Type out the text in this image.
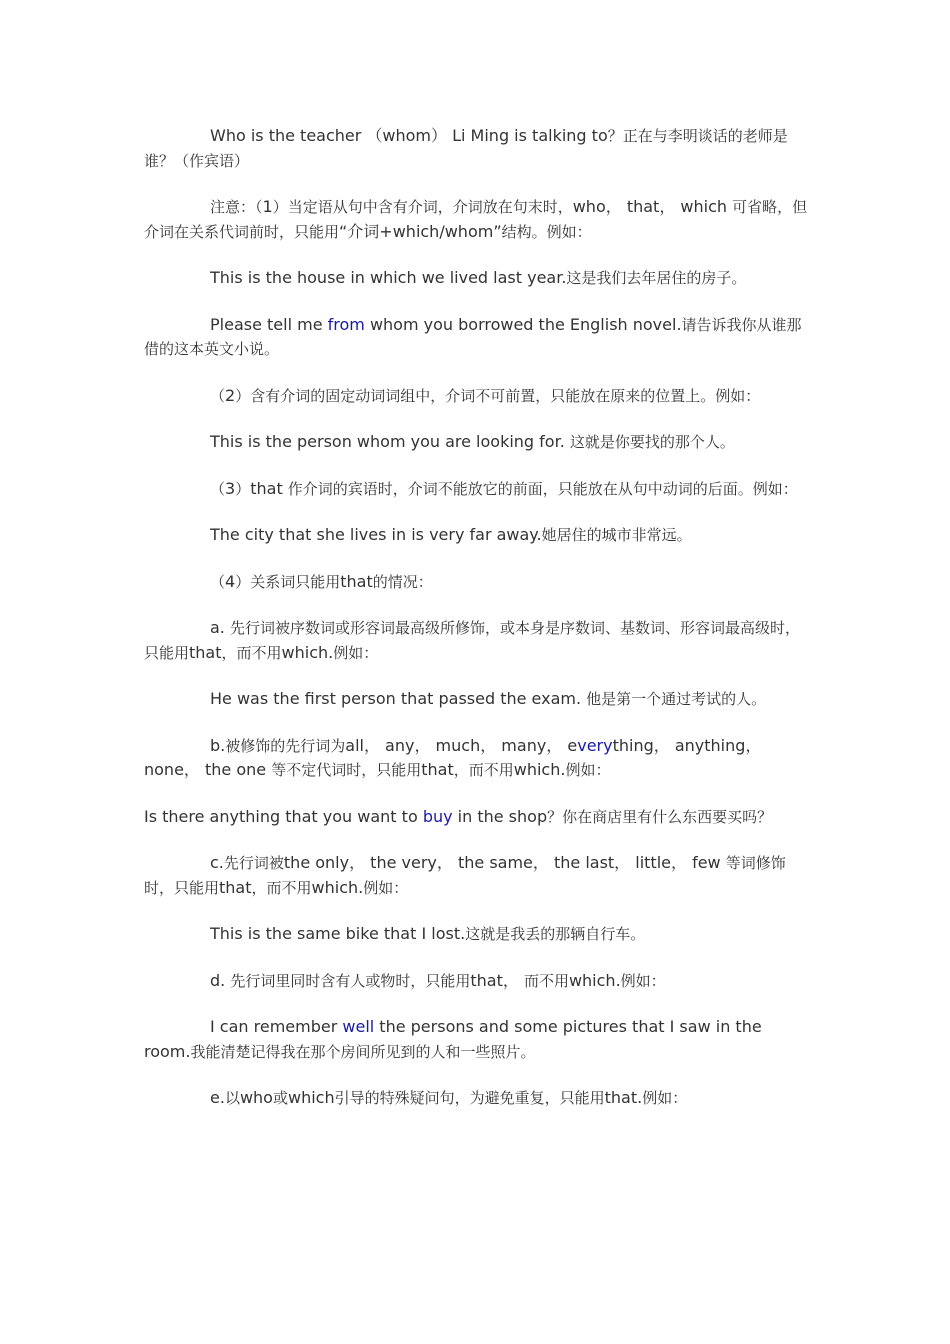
Who is the teacher （whom） Li Ming is talking to？正在与李明谈话的老师是谁？（作宾语）

注意：（1）当定语从句中含有介词，介词放在句末时，who， that， which 可省略，但介词在关系代词前时，只能用“介词+which/whom”结构。例如：

This is the house in which we lived last year.这是我们去年居住的房子。

Please tell me from whom you borrowed the English novel.请告诉我你从谁那借的这本英文小说。

（2）含有介词的固定动词词组中，介词不可前置，只能放在原来的位置上。例如：

This is the person whom you are looking for. 这就是你要找的那个人。

（3）that 作介词的宾语时，介词不能放它的前面，只能放在从句中动词的后面。例如：

The city that she lives in is very far away.她居住的城市非常远。

（4）关系词只能用that的情况：

a. 先行词被序数词或形容词最高级所修饰，或本身是序数词、基数词、形容词最高级时，只能用that，而不用which.例如：

He was the first person that passed the exam. 他是第一个通过考试的人。

b.被修饰的先行词为all， any， much， many， everything， anything， none， the one 等不定代词时，只能用that，而不用which.例如：

Is there anything that you want to buy in the shop？你在商店里有什么东西要买吗？

c.先行词被the only， the very， the same， the last， little， few 等词修饰时，只能用that，而不用which.例如：

This is the same bike that I lost.这就是我丢的那辆自行车。

d. 先行词里同时含有人或物时，只能用that， 而不用which.例如：

I can remember well the persons and some pictures that I saw in the room.我能清楚记得我在那个房间所见到的人和一些照片。

e.以who或which引导的特殊疑问句，为避免重复，只能用that.例如：
